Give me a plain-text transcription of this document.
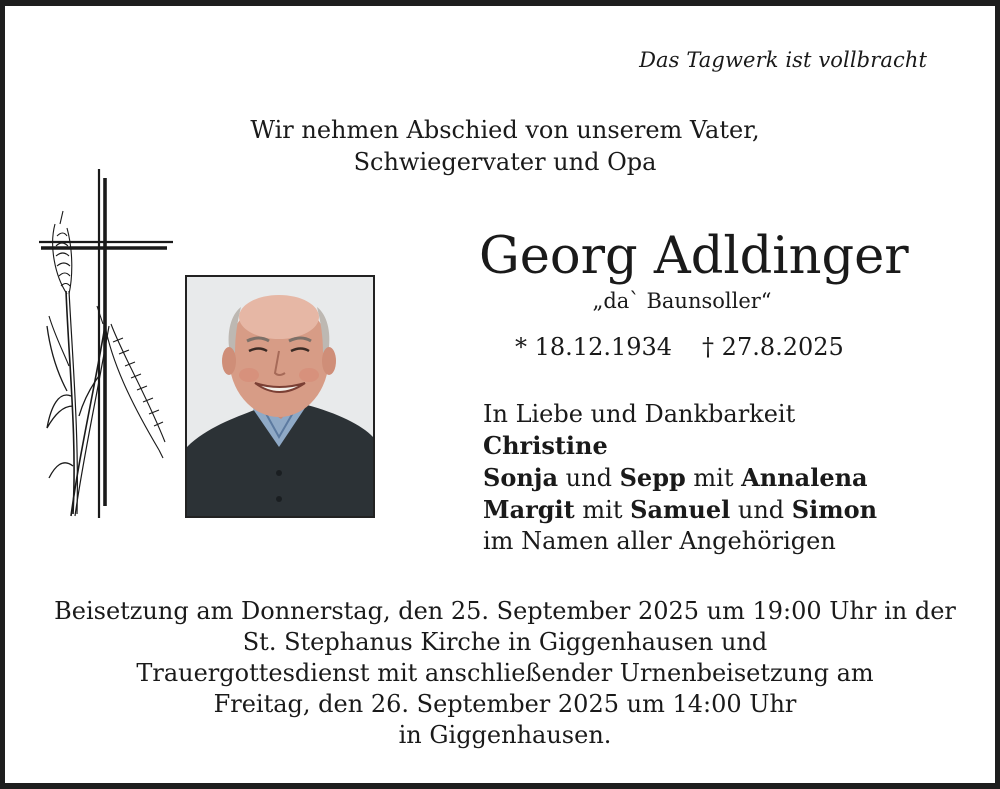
Das Tagwerk ist vollbracht
Wir nehmen Abschied von unserem Vater,
Schwiegervater und Opa
Georg Adldinger
„da` Baunsoller“
* 18.12.1934 † 27.8.2025
In Liebe und Dankbarkeit
Christine
Sonja und Sepp mit Annalena
Margit mit Samuel und Simon
im Namen aller Angehörigen
Beisetzung am Donnerstag, den 25. September 2025 um 19:00 Uhr in der
St. Stephanus Kirche in Giggenhausen und
Trauergottesdienst mit anschließender Urnenbeisetzung am
Freitag, den 26. September 2025 um 14:00 Uhr
in Giggenhausen.
